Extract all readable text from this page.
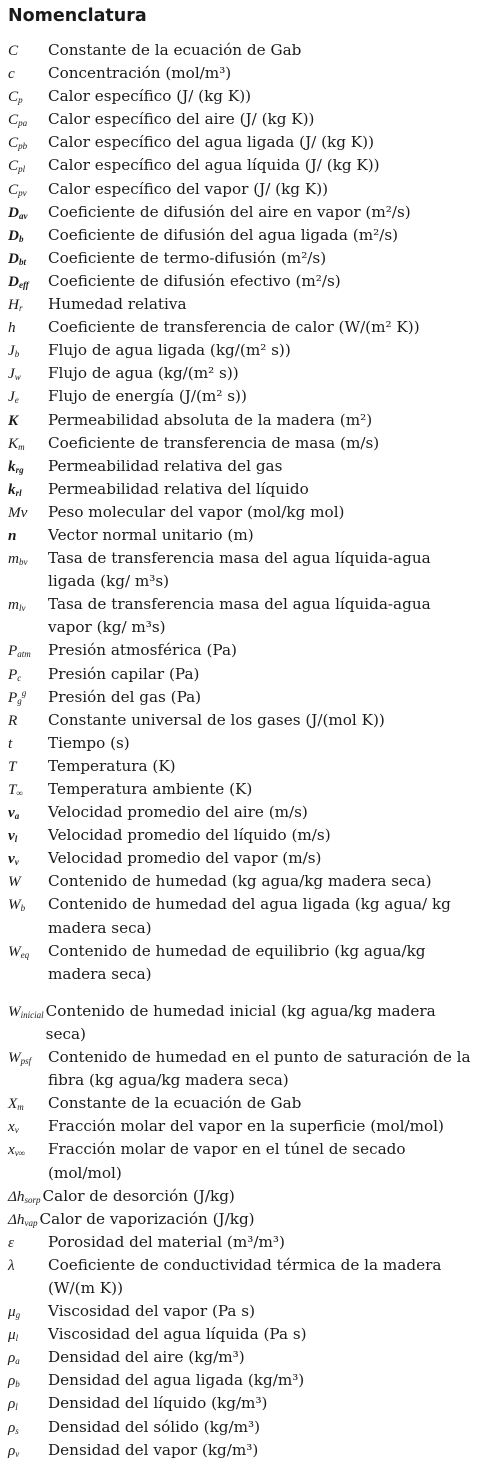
Nomenclatura
C	Constante de la ecuación de Gab
c	Concentración (mol/m³)
$C_p$	Calor específico (J/ (kg K))
$C_{pa}$	Calor específico del aire (J/ (kg K))
$C_{pb}$	Calor específico del agua ligada (J/ (kg K))
$C_{pl}$	Calor específico del agua líquida (J/ (kg K))
$C_{pv}$	Calor específico del vapor (J/ (kg K))
$D_{av}$	Coeficiente de difusión del aire en vapor (m²/s)
$D_b$	Coeficiente de difusión del agua ligada (m²/s)
$D_{bt}$	Coeficiente de termo-difusión (m²/s)
$D_{eff}$	Coeficiente de difusión efectivo (m²/s)
$H_r$	Humedad relativa
h	Coeficiente de transferencia de calor (W/(m² K))
$J_b$	Flujo de agua ligada (kg/(m² s))
$J_w$	Flujo de agua (kg/(m² s))
$J_e$	Flujo de energía (J/(m² s))
K	Permeabilidad absoluta de la madera (m²)
$K_m$	Coeficiente de transferencia de masa (m/s)
$k_{rg}$	Permeabilidad relativa del gas
$k_{rl}$	Permeabilidad relativa del líquido
Mv	Peso molecular del vapor (mol/kg mol)
n	Vector normal unitario (m)
$m_{bv}$	Tasa de transferencia masa del agua líquida-agua ligada (kg/ m³s)
$m_{lv}$	Tasa de transferencia masa del agua líquida-agua vapor (kg/ m³s)
$P_{atm}$	Presión atmosférica (Pa)
$P_c$	Presión capilar (Pa)
$P_g^g$	Presión del gas (Pa)
R	Constante universal de los gases (J/(mol K))
t	Tiempo (s)
T	Temperatura (K)
$T_\infty$	Temperatura ambiente (K)
$v_a$	Velocidad promedio del aire (m/s)
$v_l$	Velocidad promedio del líquido (m/s)
$v_v$	Velocidad promedio del vapor (m/s)
W	Contenido de humedad (kg agua/kg madera seca)
$W_b$	Contenido de humedad del agua ligada (kg agua/ kg madera seca)
$W_{eq}$	Contenido de humedad de equilibrio (kg agua/kg madera seca)
$W_{inicial}$ Contenido de humedad inicial (kg agua/kg madera seca)
$W_{psf}$	Contenido de humedad en el punto de saturación de la fibra (kg agua/kg madera seca)
$X_m$	Constante de la ecuación de Gab
$x_v$	Fracción molar del vapor en la superficie (mol/mol)
$x_{v\infty}$	Fracción molar de vapor en el túnel de secado (mol/mol)
$\Delta h_{sorp}$ Calor de desorción (J/kg)
$\Delta h_{vap}$ Calor de vaporización (J/kg)
ε	Porosidad del material (m³/m³)
λ	Coeficiente de conductividad térmica de la madera (W/(m K))
$\mu_g$	Viscosidad del vapor (Pa s)
$\mu_l$	Viscosidad del agua líquida (Pa s)
$\rho_a$	Densidad del aire (kg/m³)
$\rho_b$	Densidad del agua ligada (kg/m³)
$\rho_l$	Densidad del líquido (kg/m³)
$\rho_s$	Densidad del sólido (kg/m³)
$\rho_v$	Densidad del vapor (kg/m³)
